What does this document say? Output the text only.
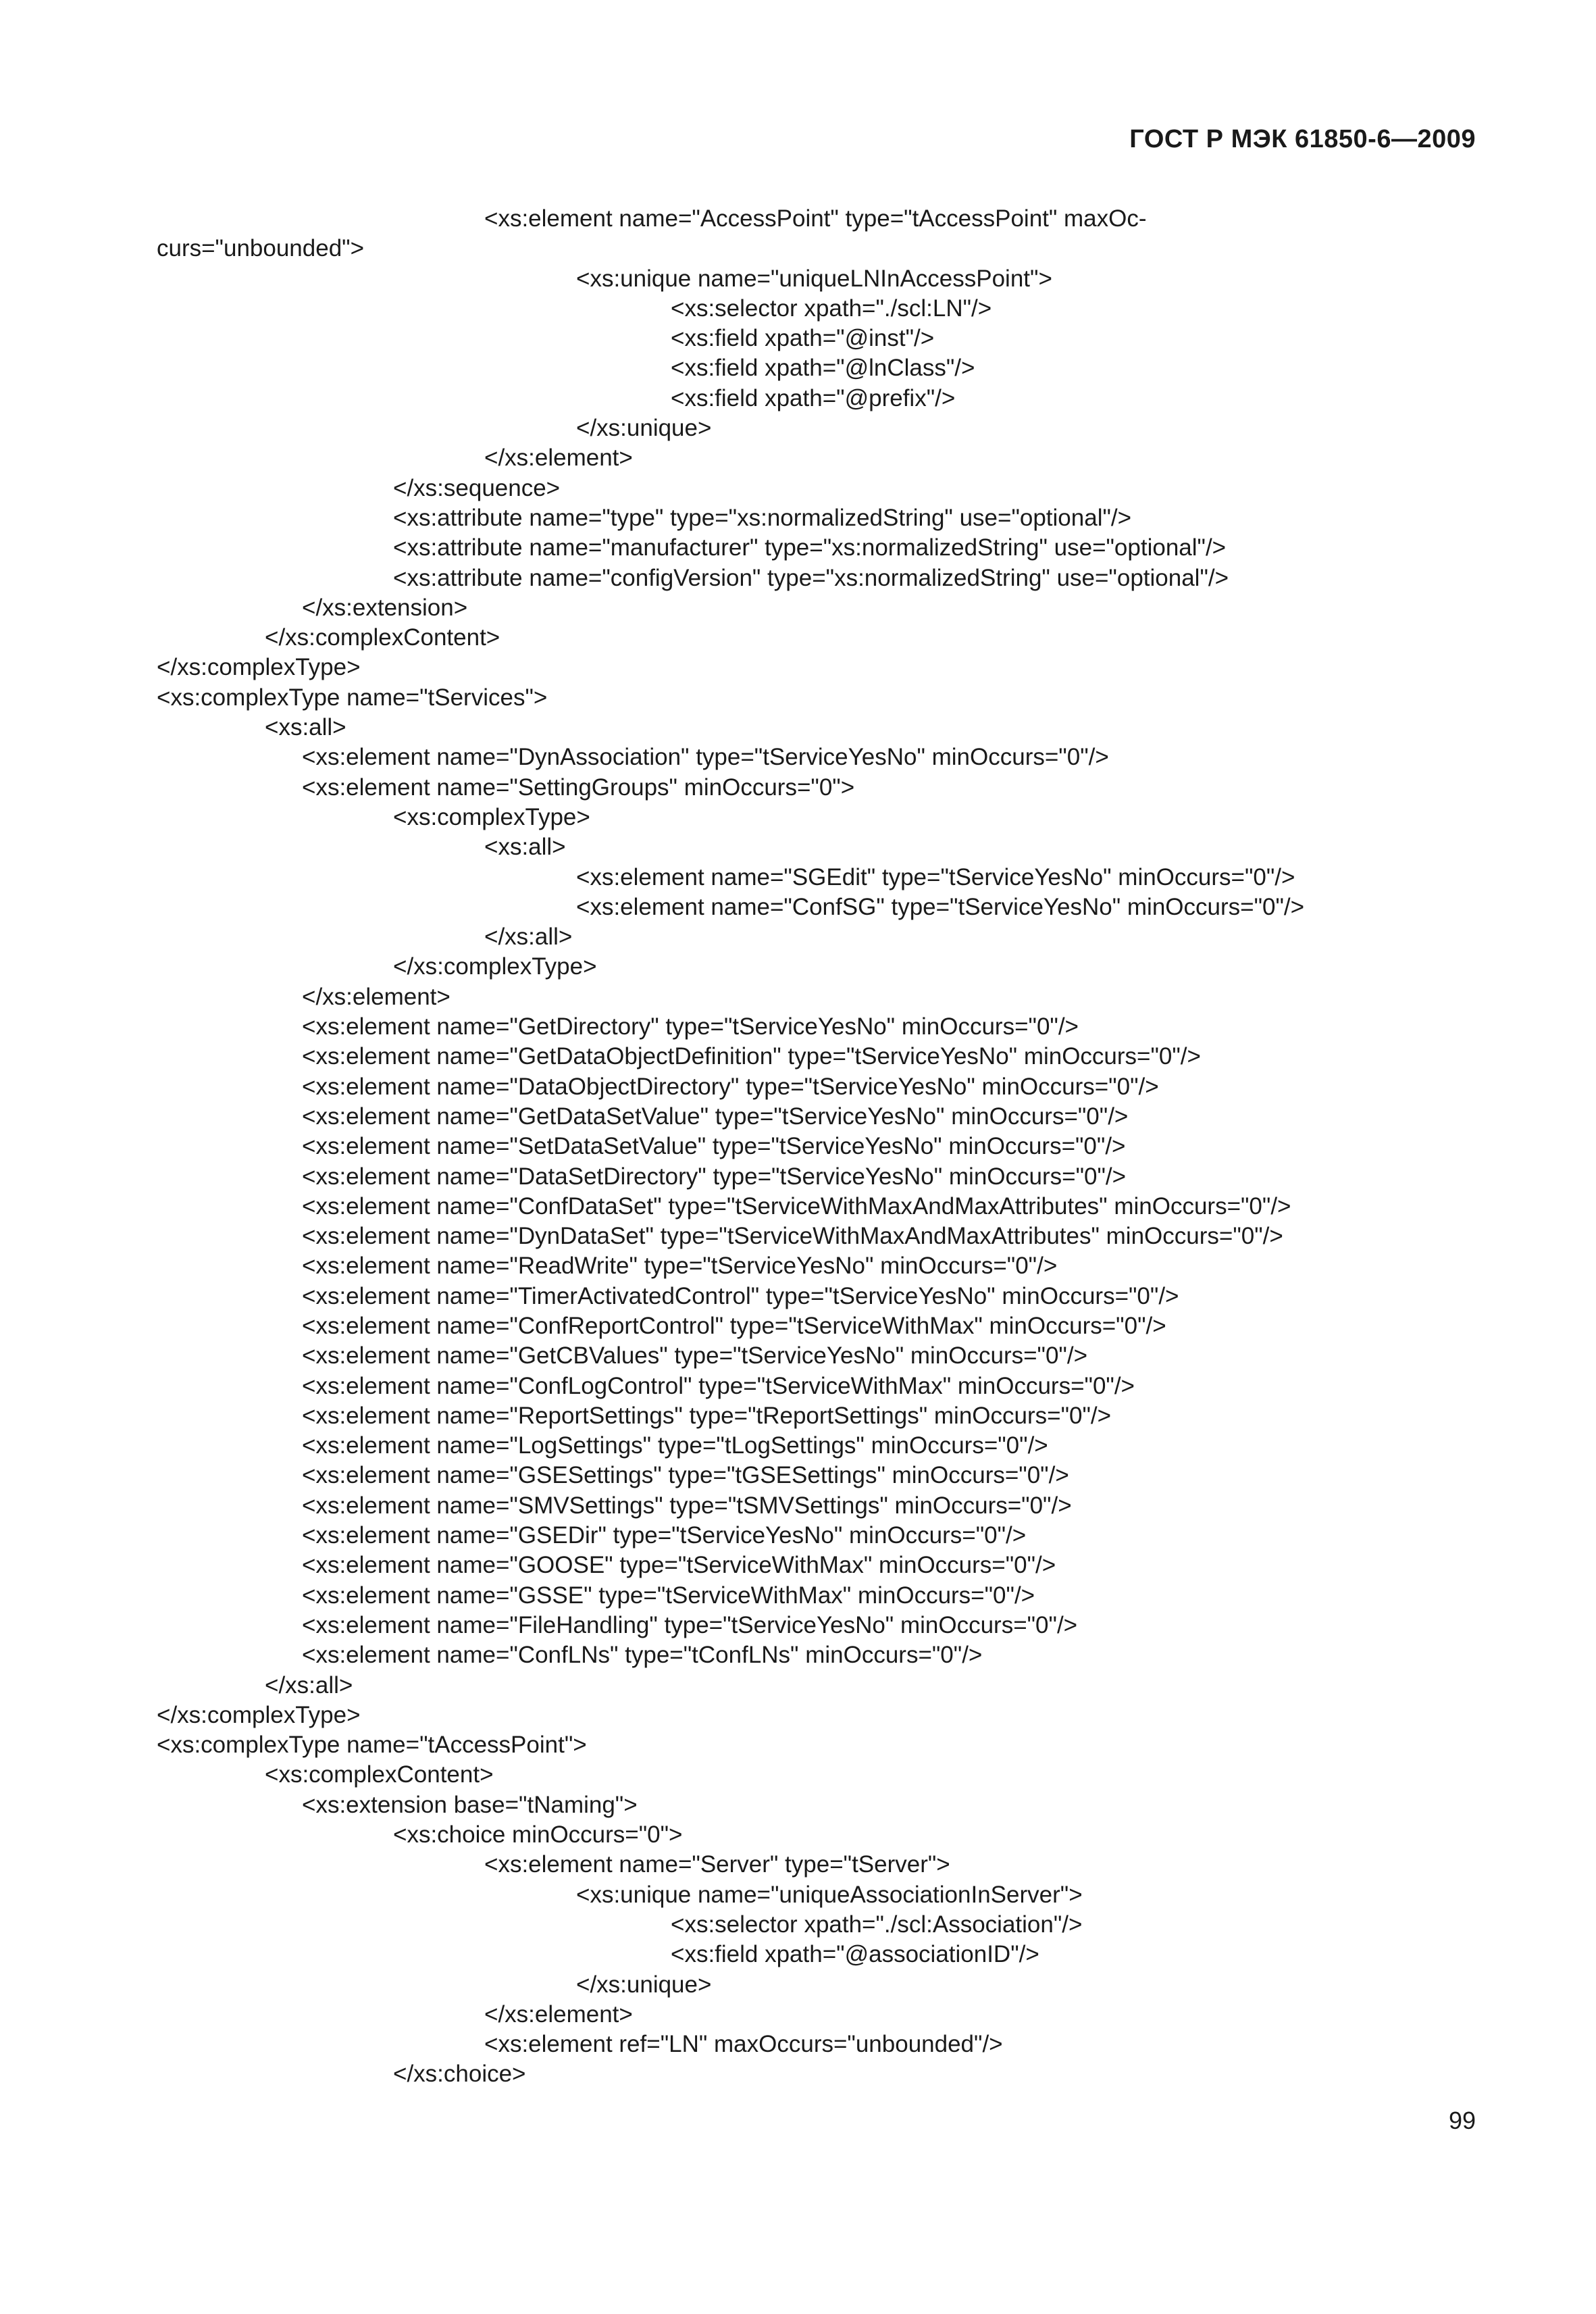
ГОСТ Р МЭК 61850-6—2009
<xs:element name="AccessPoint" type="tAccessPoint" maxOc-
curs="unbounded">
<xs:unique name="uniqueLNInAccessPoint">
<xs:selector xpath="./scl:LN"/>
<xs:field xpath="@inst"/>
<xs:field xpath="@lnClass"/>
<xs:field xpath="@prefix"/>
</xs:unique>
</xs:element>
</xs:sequence>
<xs:attribute name="type" type="xs:normalizedString" use="optional"/>
<xs:attribute name="manufacturer" type="xs:normalizedString" use="optional"/>
<xs:attribute name="configVersion" type="xs:normalizedString" use="optional"/>
</xs:extension>
</xs:complexContent>
</xs:complexType>
<xs:complexType name="tServices">
<xs:all>
<xs:element name="DynAssociation" type="tServiceYesNo" minOccurs="0"/>
<xs:element name="SettingGroups" minOccurs="0">
<xs:complexType>
<xs:all>
<xs:element name="SGEdit" type="tServiceYesNo" minOccurs="0"/>
<xs:element name="ConfSG" type="tServiceYesNo" minOccurs="0"/>
</xs:all>
</xs:complexType>
</xs:element>
<xs:element name="GetDirectory" type="tServiceYesNo" minOccurs="0"/>
<xs:element name="GetDataObjectDefinition" type="tServiceYesNo" minOccurs="0"/>
<xs:element name="DataObjectDirectory" type="tServiceYesNo" minOccurs="0"/>
<xs:element name="GetDataSetValue" type="tServiceYesNo" minOccurs="0"/>
<xs:element name="SetDataSetValue" type="tServiceYesNo" minOccurs="0"/>
<xs:element name="DataSetDirectory" type="tServiceYesNo" minOccurs="0"/>
<xs:element name="ConfDataSet" type="tServiceWithMaxAndMaxAttributes" minOccurs="0"/>
<xs:element name="DynDataSet" type="tServiceWithMaxAndMaxAttributes" minOccurs="0"/>
<xs:element name="ReadWrite" type="tServiceYesNo" minOccurs="0"/>
<xs:element name="TimerActivatedControl" type="tServiceYesNo" minOccurs="0"/>
<xs:element name="ConfReportControl" type="tServiceWithMax" minOccurs="0"/>
<xs:element name="GetCBValues" type="tServiceYesNo" minOccurs="0"/>
<xs:element name="ConfLogControl" type="tServiceWithMax" minOccurs="0"/>
<xs:element name="ReportSettings" type="tReportSettings" minOccurs="0"/>
<xs:element name="LogSettings" type="tLogSettings" minOccurs="0"/>
<xs:element name="GSESettings" type="tGSESettings" minOccurs="0"/>
<xs:element name="SMVSettings" type="tSMVSettings" minOccurs="0"/>
<xs:element name="GSEDir" type="tServiceYesNo" minOccurs="0"/>
<xs:element name="GOOSE" type="tServiceWithMax" minOccurs="0"/>
<xs:element name="GSSE" type="tServiceWithMax" minOccurs="0"/>
<xs:element name="FileHandling" type="tServiceYesNo" minOccurs="0"/>
<xs:element name="ConfLNs" type="tConfLNs" minOccurs="0"/>
</xs:all>
</xs:complexType>
<xs:complexType name="tAccessPoint">
<xs:complexContent>
<xs:extension base="tNaming">
<xs:choice minOccurs="0">
<xs:element name="Server" type="tServer">
<xs:unique name="uniqueAssociationInServer">
<xs:selector xpath="./scl:Association"/>
<xs:field xpath="@associationID"/>
</xs:unique>
</xs:element>
<xs:element ref="LN" maxOccurs="unbounded"/>
</xs:choice>
99
